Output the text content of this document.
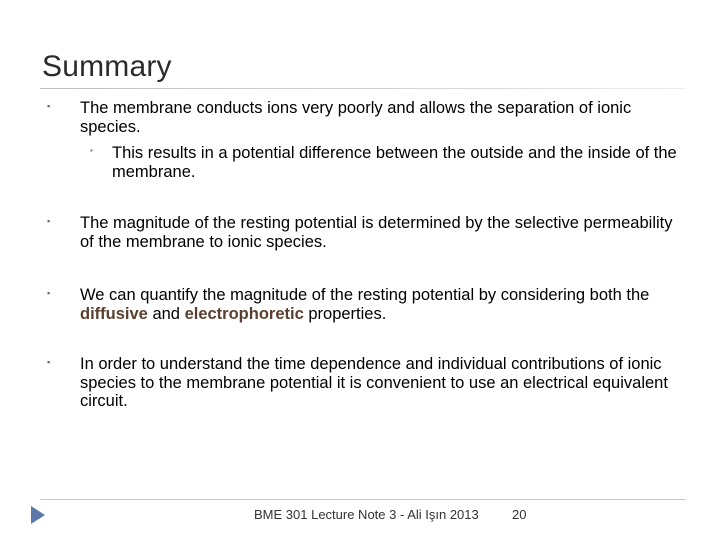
Summary
▪ The membrane conducts ions very poorly and allows the separation of ionic species.
▪ This results in a potential difference between the outside and the inside of the membrane.
▪ The magnitude of the resting potential is determined by the selective permeability of the membrane to ionic species.
▪ We can quantify the magnitude of the resting potential by considering both the diffusive and electrophoretic properties.
▪ In order to understand the time dependence and individual contributions of ionic species to the membrane potential it is convenient to use an electrical equivalent circuit.
BME 301 Lecture Note 3 - Ali Işın 2013	20
